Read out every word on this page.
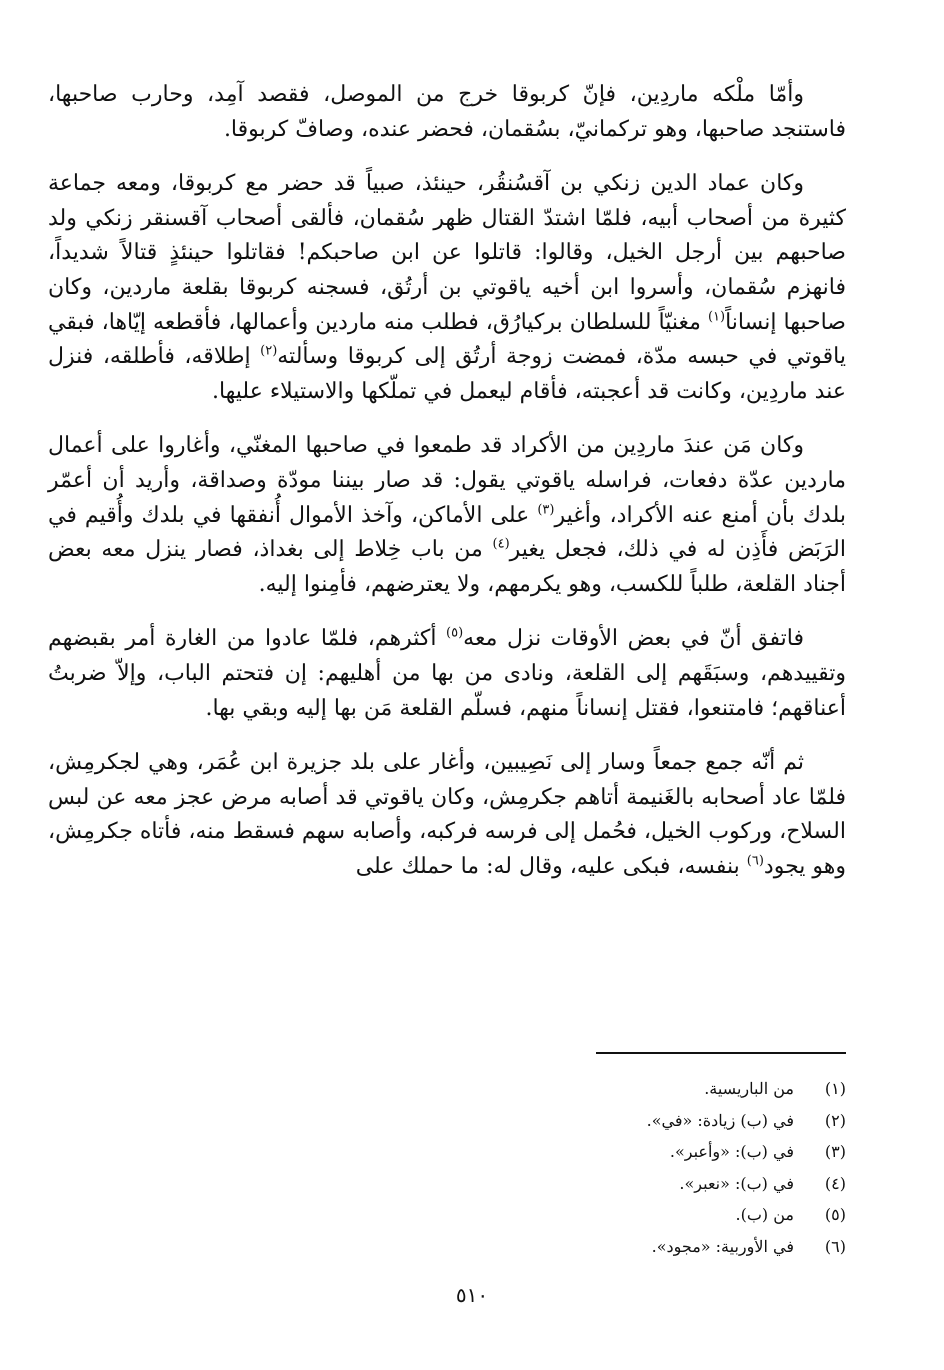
وأمّا ملْكه ماردِين، فإنّ كربوقا خرج من الموصل، فقصد آمِد، وحارب صاحبها، فاستنجد صاحبها، وهو تركمانيّ، بسُقمان، فحضر عنده، وصافّ كربوقا.

وكان عماد الدين زنكي بن آقسُنقُر، حينئذ، صبياً قد حضر مع كربوقا، ومعه جماعة كثيرة من أصحاب أبيه، فلمّا اشتدّ القتال ظهر سُقمان، فألقى أصحاب آقسنقر زنكي ولد صاحبهم بين أرجل الخيل، وقالوا: قاتلوا عن ابن صاحبكم! فقاتلوا حينئذٍ قتالاً شديداً، فانهزم سُقمان، وأسروا ابن أخيه ياقوتي بن أرتُق، فسجنه كربوقا بقلعة ماردين، وكان صاحبها إنساناً$^{(١)}$ مغنيّاً للسلطان بركيارُق، فطلب منه ماردين وأعمالها، فأقطعه إيّاها، فبقي ياقوتي في حبسه مدّة، فمضت زوجة أرتُق إلى كربوقا وسألته$^{(٢)}$ إطلاقه، فأطلقه، فنزل عند ماردِين، وكانت قد أعجبته، فأقام ليعمل في تملّكها والاستيلاء عليها.

وكان مَن عندَ ماردِين من الأكراد قد طمعوا في صاحبها المغنّي، وأغاروا على أعمال ماردين عدّة دفعات، فراسله ياقوتي يقول: قد صار بيننا مودّة وصداقة، وأريد أن أعمّر بلدك بأن أمنع عنه الأكراد، وأغير$^{(٣)}$ على الأماكن، وآخذ الأموال أُنفقها في بلدك وأُقيم في الرَبَض فأَذِن له في ذلك، فجعل يغير$^{(٤)}$ من باب خِلاط إلى بغداذ، فصار ينزل معه بعض أجناد القلعة، طلباً للكسب، وهو يكرمهم، ولا يعترضهم، فأمِنوا إليه.

فاتفق أنّ في بعض الأوقات نزل معه$^{(٥)}$ أكثرهم، فلمّا عادوا من الغارة أمر بقبضهم وتقييدهم، وسبَقَهم إلى القلعة، ونادى من بها من أهليهم: إن فتحتم الباب، وإلاّ ضربتُ أعناقهم؛ فامتنعوا، فقتل إنساناً منهم، فسلّم القلعة مَن بها إليه وبقي بها.

ثم أنّه جمع جمعاً وسار إلى نَصِيبين، وأغار على بلد جزيرة ابن عُمَر، وهي لجكرمِش، فلمّا عاد أصحابه بالغَنيمة أتاهم جكرمِش، وكان ياقوتي قد أصابه مرض عجز معه عن لبس السلاح، وركوب الخيل، فحُمل إلى فرسه فركبه، وأصابه سهم فسقط منه، فأتاه جكرمِش، وهو يجود$^{(٦)}$ بنفسه، فبكى عليه، وقال له: ما حملك على

(١)من الباريسية.
(٢)في (ب) زيادة: «في».
(٣)في (ب): «وأعبر».
(٤)في (ب): «نعبر».
(٥)من (ب).
(٦)في الأوربية: «مجود».
٥١٠
